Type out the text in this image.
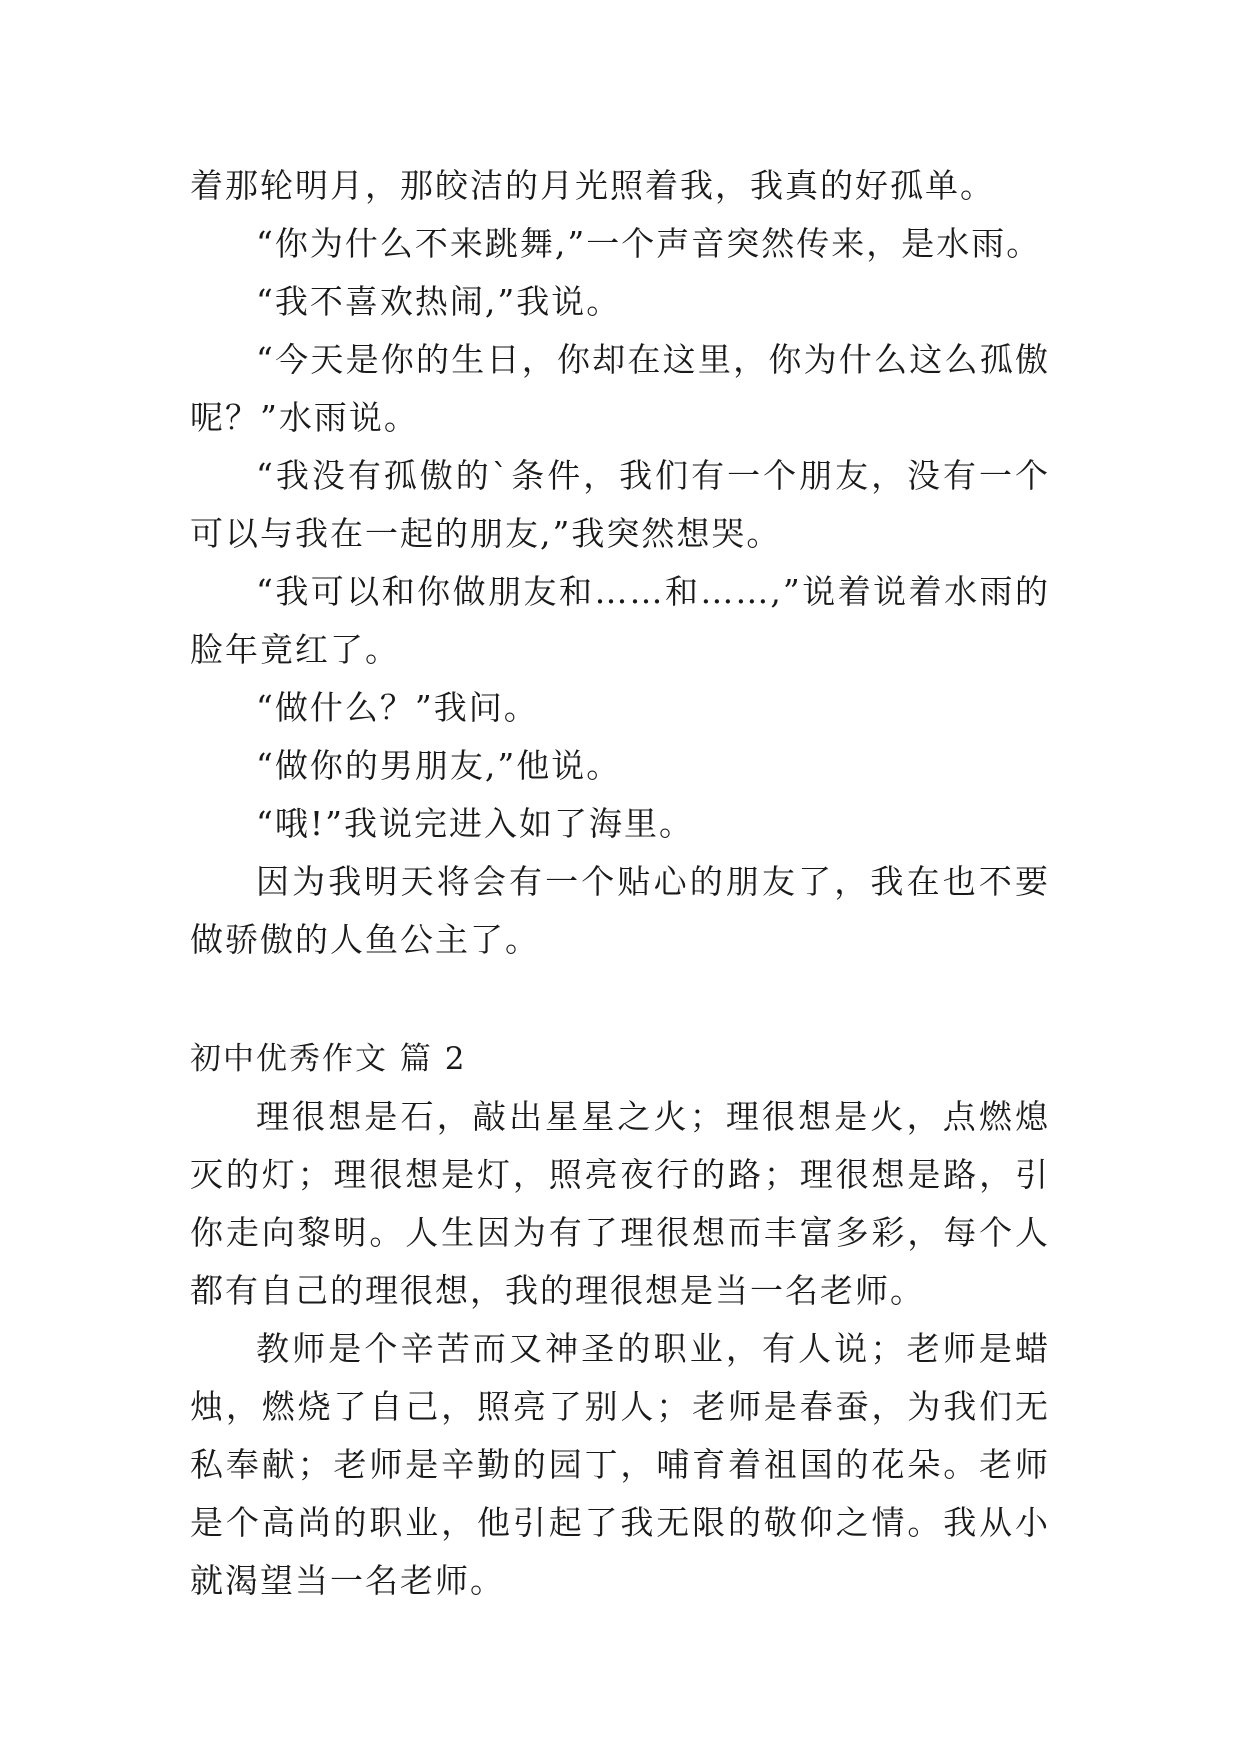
着那轮明月，那皎洁的月光照着我，我真的好孤单。

“你为什么不来跳舞,”一个声音突然传来，是水雨。

“我不喜欢热闹,”我说。

“今天是你的生日，你却在这里，你为什么这么孤傲呢？”水雨说。

“我没有孤傲的`条件，我们有一个朋友，没有一个可以与我在一起的朋友,”我突然想哭。

“我可以和你做朋友和……和……,”说着说着水雨的脸年竟红了。

“做什么？”我问。

“做你的男朋友,”他说。

“哦!”我说完进入如了海里。

因为我明天将会有一个贴心的朋友了，我在也不要做骄傲的人鱼公主了。

初中优秀作文 篇 2

理很想是石，敲出星星之火；理很想是火，点燃熄灭的灯；理很想是灯，照亮夜行的路；理很想是路，引你走向黎明。人生因为有了理很想而丰富多彩，每个人都有自己的理很想，我的理很想是当一名老师。

教师是个辛苦而又神圣的职业，有人说；老师是蜡烛，燃烧了自己，照亮了别人；老师是春蚕，为我们无私奉献；老师是辛勤的园丁，哺育着祖国的花朵。老师是个高尚的职业，他引起了我无限的敬仰之情。我从小就渴望当一名老师。
